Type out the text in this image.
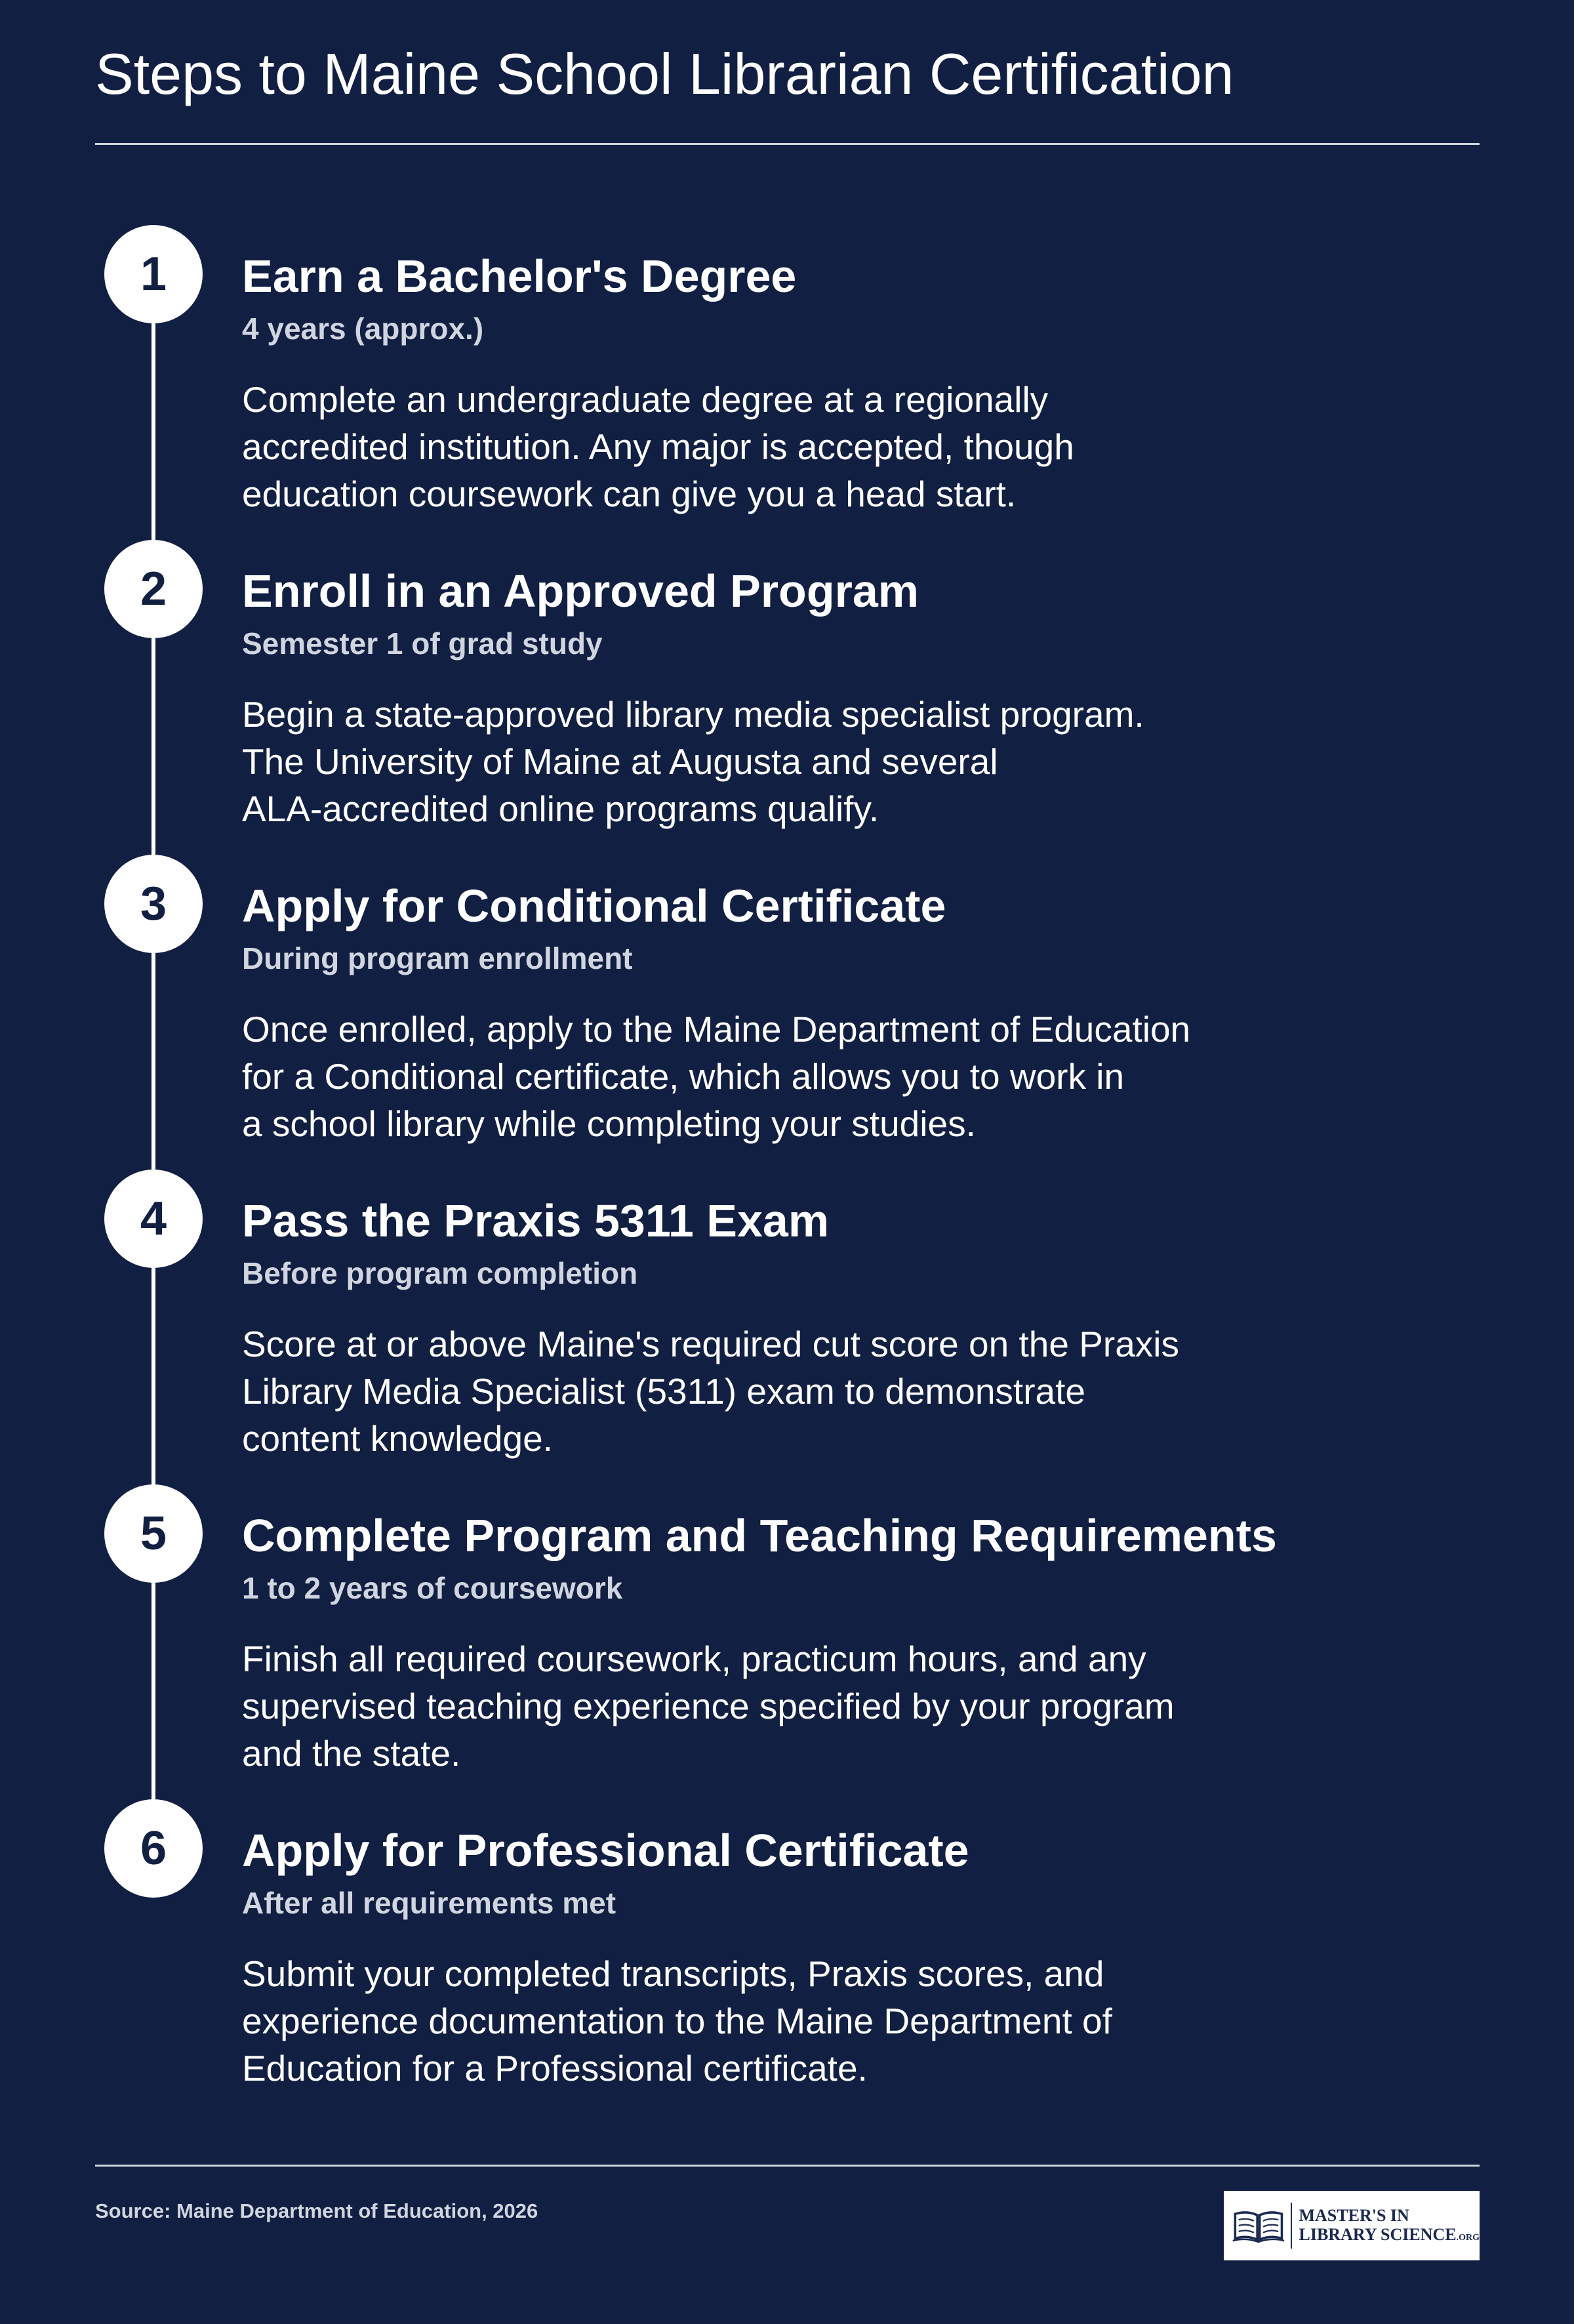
Steps to Maine School Librarian Certification
1	Earn a Bachelor's Degree
4 years (approx.)

Complete an undergraduate degree at a regionally
accredited institution. Any major is accepted, though
education coursework can give you a head start.

2	Enroll in an Approved Program
Semester 1 of grad study

Begin a state-approved library media specialist program.
The University of Maine at Augusta and several
ALA-accredited online programs qualify.

3	Apply for Conditional Certificate
During program enrollment

Once enrolled, apply to the Maine Department of Education
for a Conditional certificate, which allows you to work in
a school library while completing your studies.

4	Pass the Praxis 5311 Exam
Before program completion

Score at or above Maine's required cut score on the Praxis
Library Media Specialist (5311) exam to demonstrate
content knowledge.

5	Complete Program and Teaching Requirements
1 to 2 years of coursework

Finish all required coursework, practicum hours, and any
supervised teaching experience specified by your program
and the state.

6	Apply for Professional Certificate
After all requirements met

Submit your completed transcripts, Praxis scores, and
experience documentation to the Maine Department of
Education for a Professional certificate.

Source: Maine Department of Education, 2026	MASTER'S IN
LIBRARY SCIENCE.ORG
